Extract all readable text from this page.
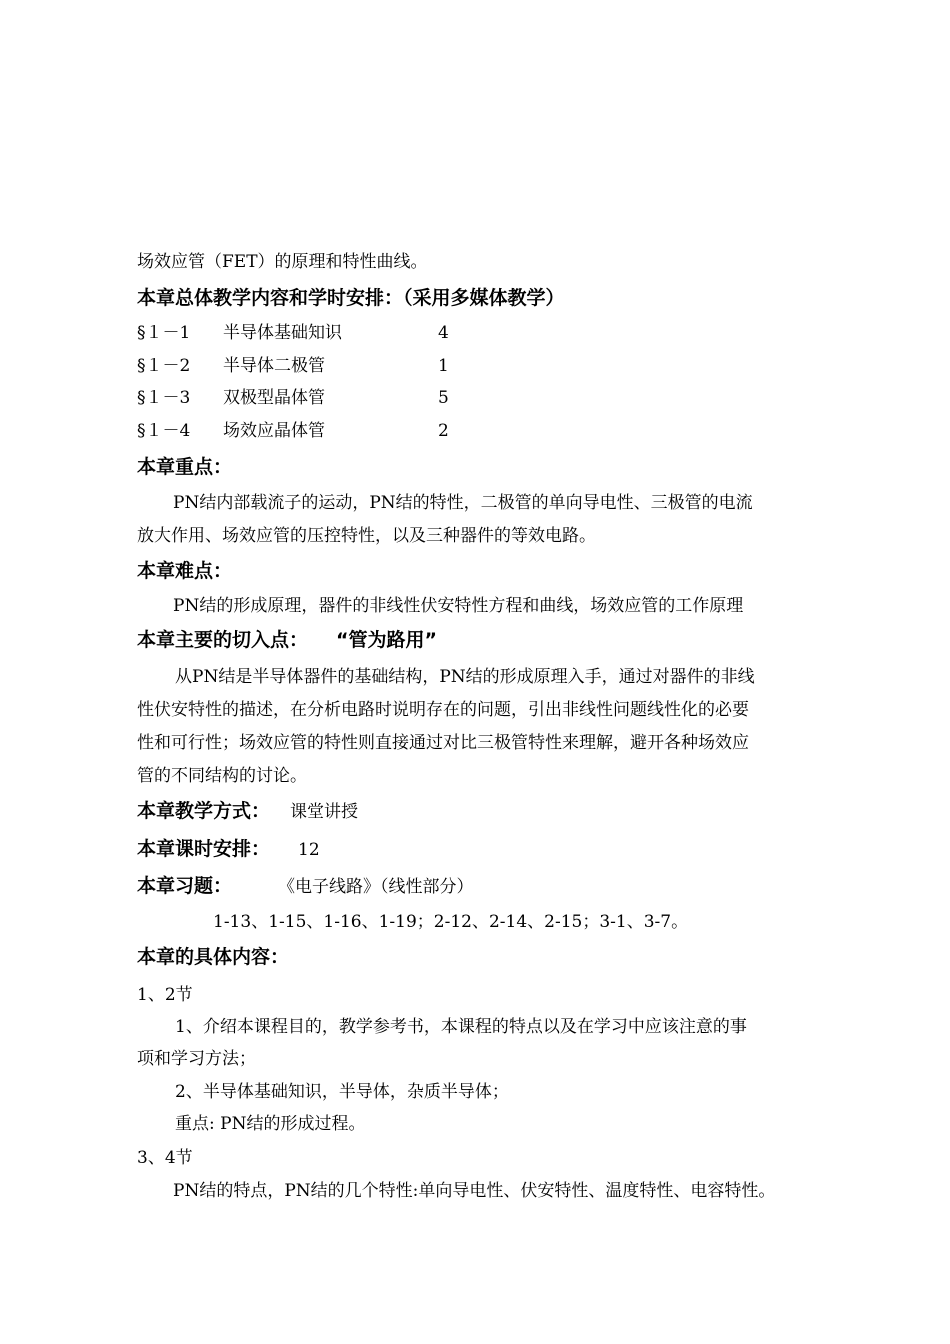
场效应管（FET）的原理和特性曲线。
本章总体教学内容和学时安排：（采用多媒体教学）
§１－1 半导体基础知识	4
§１－2 半导体二极管	1
§１－3 双极型晶体管	5
§１－4 场效应晶体管	2
本章重点：
PN结内部载流子的运动，PN结的特性，二极管的单向导电性、三极管的电流
放大作用、场效应管的压控特性，以及三种器件的等效电路。
本章难点：
PN结的形成原理，器件的非线性伏安特性方程和曲线，场效应管的工作原理
本章主要的切入点： “管为路用”
从PN结是半导体器件的基础结构，PN结的形成原理入手，通过对器件的非线
性伏安特性的描述，在分析电路时说明存在的问题，引出非线性问题线性化的必要
性和可行性；场效应管的特性则直接通过对比三极管特性来理解，避开各种场效应
管的不同结构的讨论。
本章教学方式： 课堂讲授
本章课时安排： 12
本章习题：	《电子线路》（线性部分）
1-13、1-15、1-16、1-19；2-12、2-14、2-15；3-1、3-7。
本章的具体内容：
1、2节
1、介绍本课程目的，教学参考书，本课程的特点以及在学习中应该注意的事
项和学习方法；
2、半导体基础知识，半导体，杂质半导体；
重点: PN结的形成过程。
3、4节
PN结的特点，PN结的几个特性:单向导电性、伏安特性、温度特性、电容特性。
